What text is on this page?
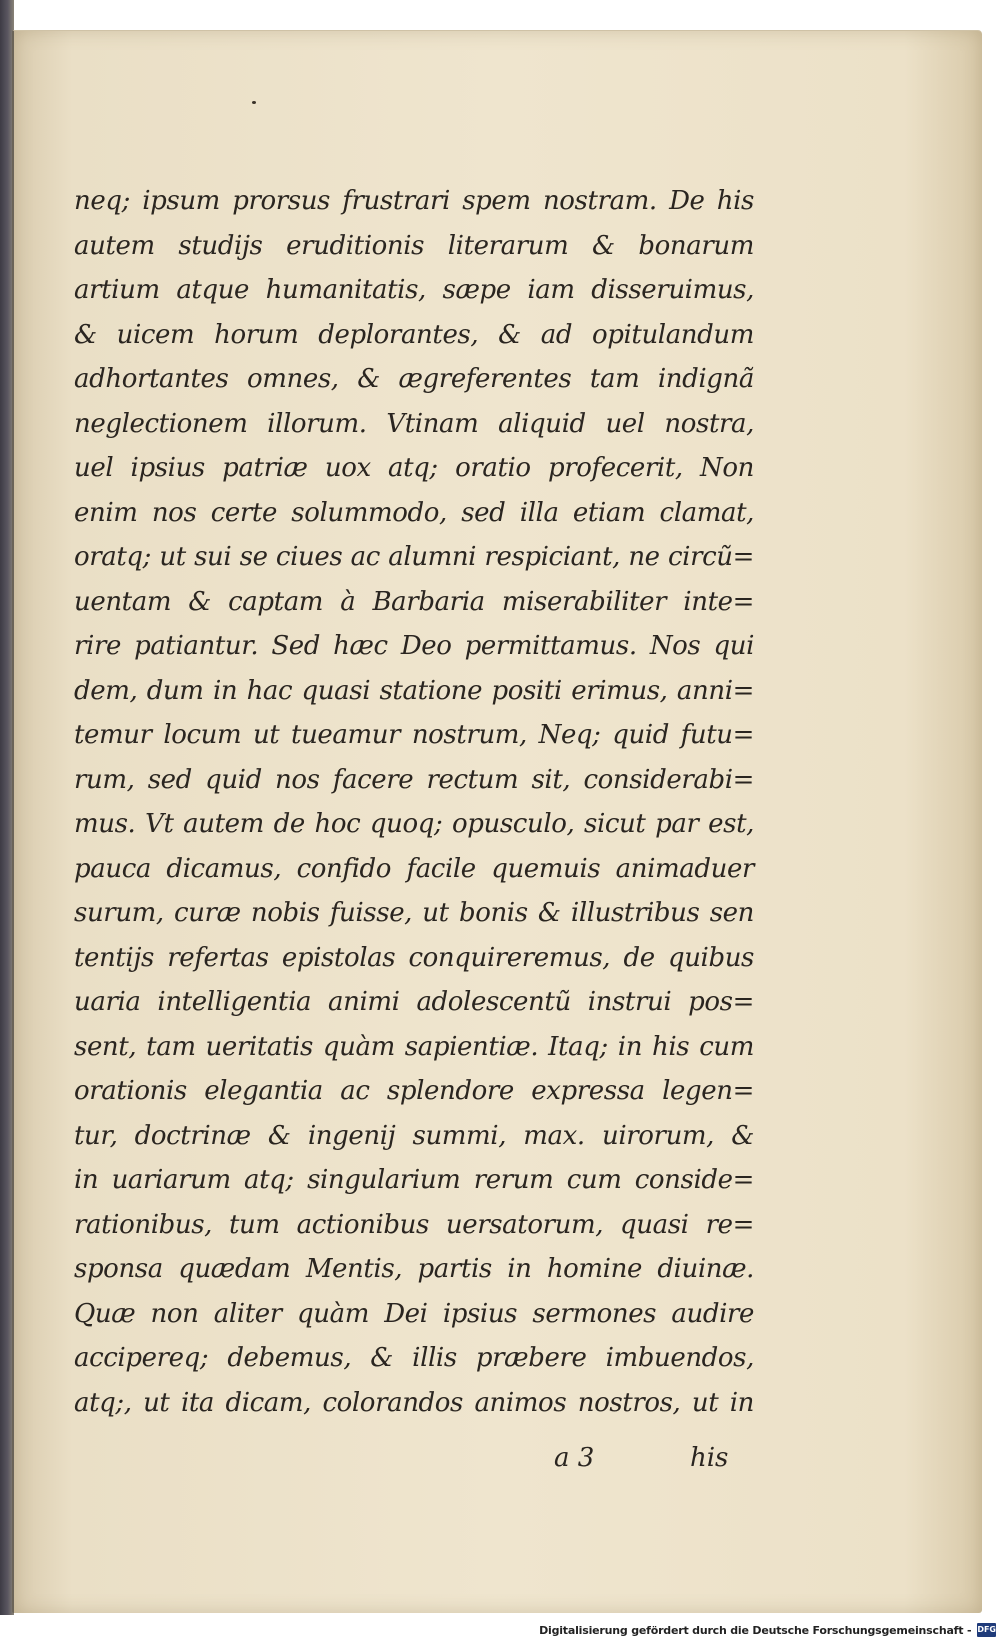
neq; ipsum prorsus frustrari spem nostram. De his
autem studijs eruditionis literarum & bonarum
artium atque humanitatis, sæpe iam disseruimus,
& uicem horum deplorantes, & ad opitulandum
adhortantes omnes, & ægreferentes tam indignã
neglectionem illorum. Vtinam aliquid uel nostra,
uel ipsius patriæ uox atq; oratio profecerit, Non
enim nos certe solummodo, sed illa etiam clamat,
oratq; ut sui se ciues ac alumni respiciant, ne circũ=
uentam & captam à Barbaria miserabiliter inte=
rire patiantur. Sed hæc Deo permittamus. Nos qui
dem, dum in hac quasi statione positi erimus, anni=
temur locum ut tueamur nostrum, Neq; quid futu=
rum, sed quid nos facere rectum sit, considerabi=
mus. Vt autem de hoc quoq; opusculo, sicut par est,
pauca dicamus, confido facile quemuis animaduer
surum, curæ nobis fuisse, ut bonis & illustribus sen
tentijs refertas epistolas conquireremus, de quibus
uaria intelligentia animi adolescentũ instrui pos=
sent, tam ueritatis quàm sapientiæ. Itaq; in his cum
orationis elegantia ac splendore expressa legen=
tur, doctrinæ & ingenij summi, max. uirorum, &
in uariarum atq; singularium rerum cum conside=
rationibus, tum actionibus uersatorum, quasi re=
sponsa quædam Mentis, partis in homine diuinæ.
Quæ non aliter quàm Dei ipsius sermones audire
accipereq; debemus, & illis præbere imbuendos,
atq;, ut ita dicam, colorandos animos nostros, ut in
a 3	his
Digitalisierung gefördert durch die Deutsche Forschungsgemeinschaft - DFG
